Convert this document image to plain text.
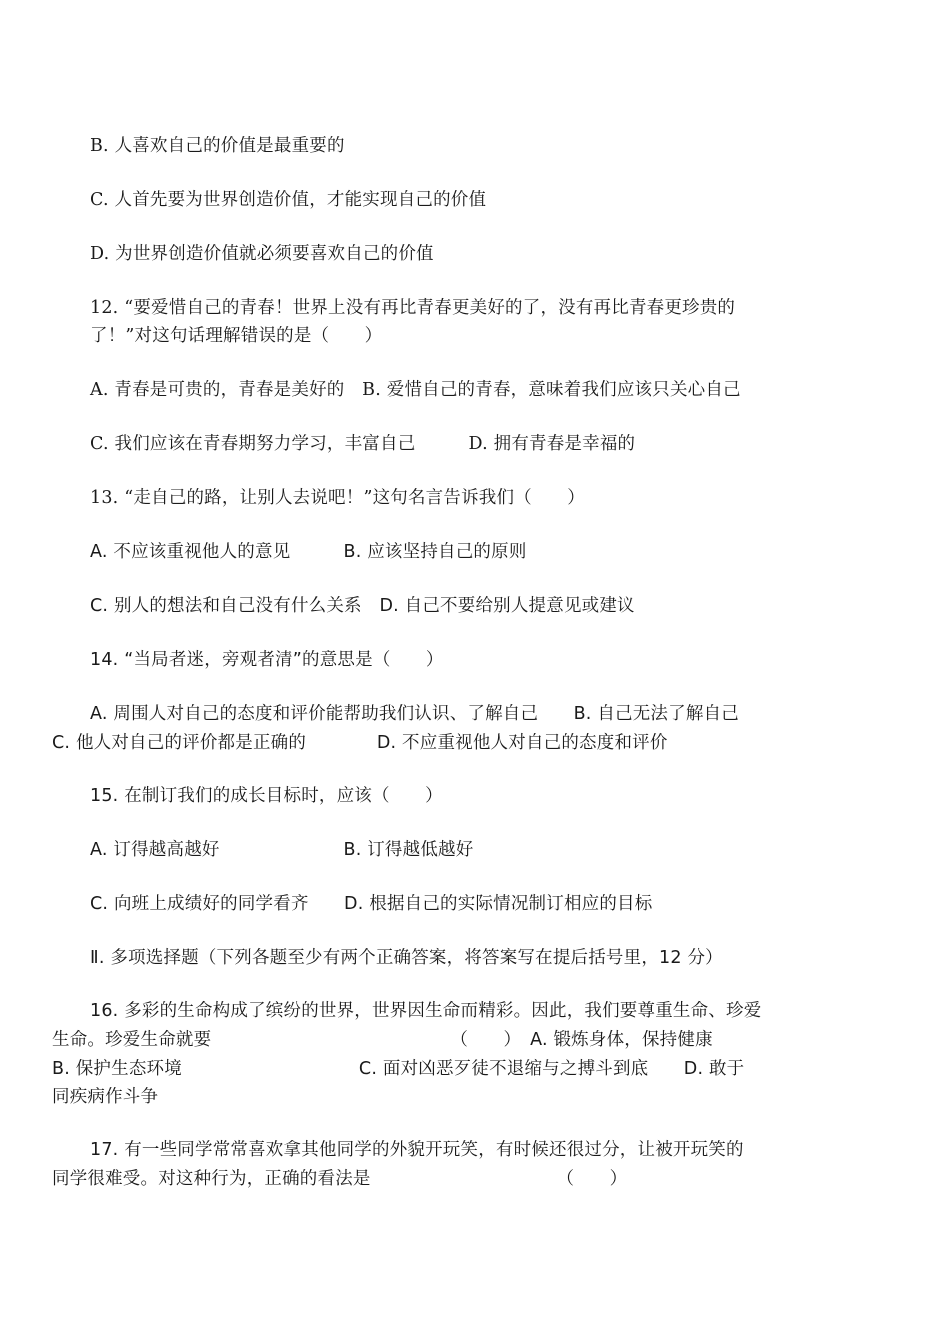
B. 人喜欢自己的价值是最重要的
C. 人首先要为世界创造价值，才能实现自己的价值
D. 为世界创造价值就必须要喜欢自己的价值
12. “要爱惜自己的青春！世界上没有再比青春更美好的了，没有再比青春更珍贵的
了！”对这句话理解错误的是（　　）
A. 青春是可贵的，青春是美好的　B. 爱惜自己的青春，意味着我们应该只关心自己
C. 我们应该在青春期努力学习，丰富自己　　　D. 拥有青春是幸福的
13. “走自己的路，让别人去说吧！”这句名言告诉我们（　　）
A. 不应该重视他人的意见　　　B. 应该坚持自己的原则
C. 别人的想法和自己没有什么关系　D. 自己不要给别人提意见或建议
14. “当局者迷，旁观者清”的意思是（　　）
A. 周围人对自己的态度和评价能帮助我们认识、了解自己　　B. 自己无法了解自己
C. 他人对自己的评价都是正确的　　　　D. 不应重视他人对自己的态度和评价
15. 在制订我们的成长目标时，应该（　　）
A. 订得越高越好　　　　　　　B. 订得越低越好
C. 向班上成绩好的同学看齐　　D. 根据自己的实际情况制订相应的目标
Ⅱ. 多项选择题（下列各题至少有两个正确答案，将答案写在提后括号里，12 分）
16. 多彩的生命构成了缤纷的世界，世界因生命而精彩。因此，我们要尊重生命、珍爱
生命。珍爱生命就要　　　　　　　　　　　　　　（　　）　A. 锻炼身体，保持健康
B. 保护生态环境　　　　　　　　　　C. 面对凶恶歹徒不退缩与之搏斗到底　　D. 敢于
同疾病作斗争
17. 有一些同学常常喜欢拿其他同学的外貌开玩笑，有时候还很过分，让被开玩笑的
同学很难受。对这种行为，正确的看法是　　　　　　　　　　　（　　）
